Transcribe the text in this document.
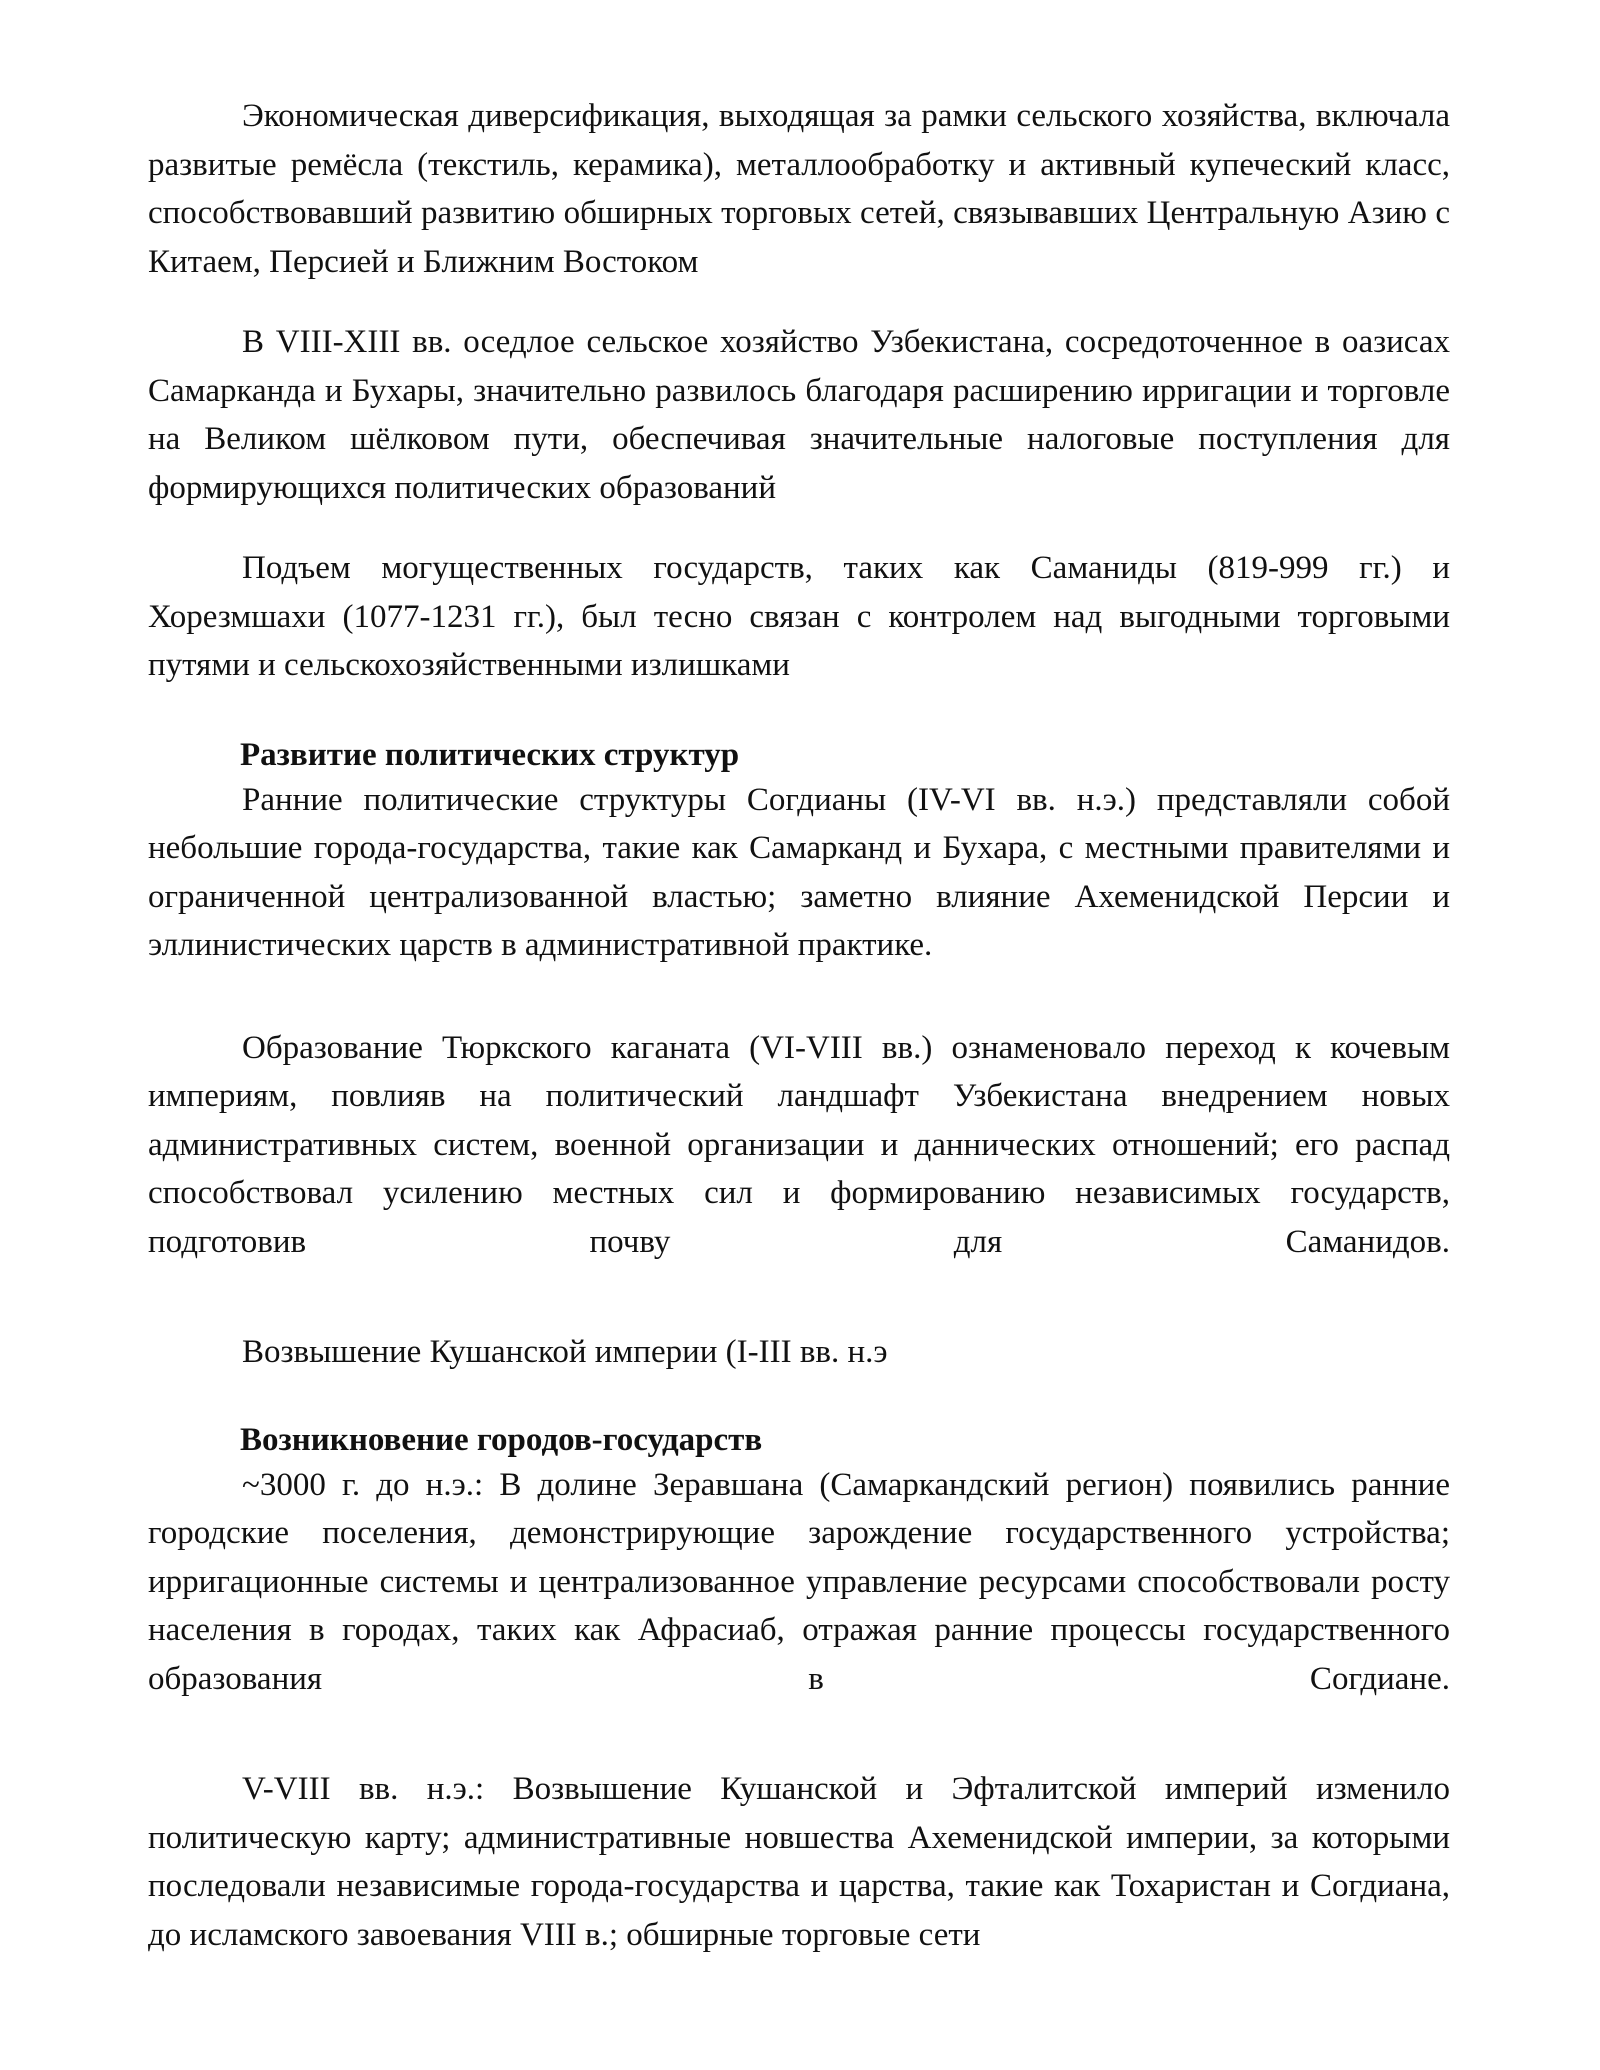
Экономическая диверсификация, выходящая за рамки сельского хозяйства, включала развитые ремёсла (текстиль, керамика), металлообработку и активный купеческий класс, способствовавший развитию обширных торговых сетей, связывавших Центральную Азию с Китаем, Персией и Ближним Востоком

В VIII-XIII вв. оседлое сельское хозяйство Узбекистана, сосредоточенное в оазисах Самарканда и Бухары, значительно развилось благодаря расширению ирригации и торговле на Великом шёлковом пути, обеспечивая значительные налоговые поступления для формирующихся политических образований

Подъем могущественных государств, таких как Саманиды (819-999 гг.) и Хорезмшахи (1077-1231 гг.), был тесно связан с контролем над выгодными торговыми путями и сельскохозяйственными излишками

Развитие политических структур

Ранние политические структуры Согдианы (IV-VI вв. н.э.) представляли собой небольшие города-государства, такие как Самарканд и Бухара, с местными правителями и ограниченной централизованной властью; заметно влияние Ахеменидской Персии и эллинистических царств в административной практике.

Образование Тюркского каганата (VI-VIII вв.) ознаменовало переход к кочевым империям, повлияв на политический ландшафт Узбекистана внедрением новых административных систем, военной организации и даннических отношений; его распад способствовал усилению местных сил и формированию независимых государств, подготовив почву для Саманидов.

Возвышение Кушанской империи (I-III вв. н.э

Возникновение городов-государств

~3000 г. до н.э.: В долине Зеравшана (Самаркандский регион) появились ранние городские поселения, демонстрирующие зарождение государственного устройства; ирригационные системы и централизованное управление ресурсами способствовали росту населения в городах, таких как Афрасиаб, отражая ранние процессы государственного образования в Согдиане.

V-VIII вв. н.э.: Возвышение Кушанской и Эфталитской империй изменило политическую карту; административные новшества Ахеменидской империи, за которыми последовали независимые города-государства и царства, такие как Тохаристан и Согдиана, до исламского завоевания VIII в.; обширные торговые сети
